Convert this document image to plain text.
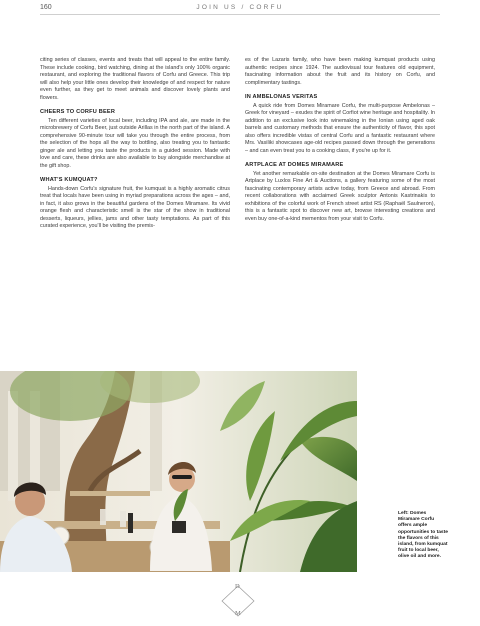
160	JOIN US / CORFU

citing series of classes, events and treats that will appeal to the entire family. These include cooking, bird watching, dining at the island's only 100% organic restaurant, and exploring the traditional flavors of Corfu and Greece. This trip will also help your little ones develop their knowledge of and respect for nature even further, as they get to meet animals and discover lovely plants and flowers.

CHEERS TO CORFU BEER

Ten different varieties of local beer, including IPA and ale, are made in the microbrewery of Corfu Beer, just outside Arillas in the north part of the island. A comprehensive 90-minute tour will take you through the entire process, from the selection of the hops all the way to bottling, also treating you to fantastic ginger ale and letting you taste the products in a guided session. Made with love and care, these drinks are also available to buy alongside merchandise at the gift shop.

WHAT'S KUMQUAT?

Hands-down Corfu's signature fruit, the kumquat is a highly aromatic citrus treat that locals have been using in myriad preparations across the ages – and, in fact, it also grows in the beautiful gardens of the Domes Miramare. Its vivid orange flesh and characteristic smell is the star of the show in traditional desserts, liqueurs, jellies, jams and other tasty temptations. As part of this curated experience, you'll be visiting the premis-

es of the Lazaris family, who have been making kumquat products using authentic recipes since 1924. The audiovisual tour features old equipment, fascinating information about the fruit and its history on Corfu, and complimentary tastings.

IN AMBELONAS VERITAS

A quick ride from Domes Miramare Corfu, the multi-purpose Ambelonas – Greek for vineyard – exudes the spirit of Corfiot wine heritage and hospitality. In addition to an exclusive look into winemaking in the Ionian using aged oak barrels and customary methods that ensure the authenticity of flavor, this spot also offers incredible vistas of central Corfu and a fantastic restaurant where Mrs. Vasiliki showcases age-old recipes passed down through the generations – and can even treat you to a cooking class, if you're up for it.

ARTPLACE AT DOMES MIRAMARE

Yet another remarkable on-site destination at the Domes Miramare Corfu is Artplace by Luxlos Fine Art & Auctions, a gallery featuring some of the most fascinating contemporary artists active today, from Greece and abroad. From recent collaborations with acclaimed Greek sculptor Antonis Kastrinakis to exhibitions of the colorful work of French street artist RS (Raphaël Saulneron), this is a fantastic spot to discover new art, browse interesting creations and even buy one-of-a-kind mementos from your visit to Corfu.

Left: Domes Miramare Corfu offers ample opportunities to taste the flavors of this island, from kumquat fruit to local beer, olive oil and more.
D
M
